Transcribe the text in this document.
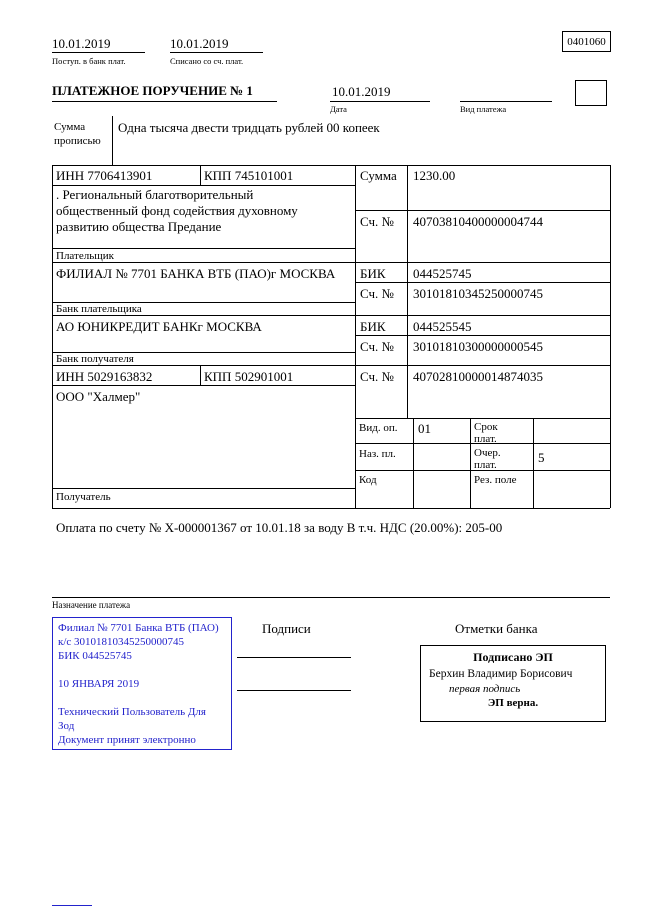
10.01.2019
Поступ. в банк плат.
10.01.2019
Списано со сч. плат.
0401060
ПЛАТЕЖНОЕ ПОРУЧЕНИЕ № 1	10.01.2019
Дата	Вид платежа
Сумма
прописью
Одна тысяча двести тридцать рублей 00 копеек
ИНН 7706413901	КПП 745101001	Сумма 1230.00
. Региональный благотворительный общественный фонд содействия духовному развитию общества Предание	Сч. № 40703810400000004744
Плательщик
ФИЛИАЛ № 7701 БАНКА ВТБ (ПАО)г МОСКВА БИК 044525745
Сч. № 30101810345250000745
Банк плательщика
АО ЮНИКРЕДИТ БАНКг МОСКВА	БИК 044525545
Сч. № 30101810300000000545
Банк получателя
ИНН 5029163832	КПП 502901001	Сч. № 40702810000014874035
ООО "Халмер"
Вид. оп. 01	Срок плат.
Наз. пл.	Очер. плат.	5
Код	Рез. поле
Получатель
Оплата по счету № Х-000001367 от 10.01.18 за воду В т.ч. НДС (20.00%): 205-00
Назначение платежа
Филиал № 7701 Банка ВТБ (ПАО)
к/с 30101810345250000745
БИК 044525745
10 ЯНВАРЯ 2019
Технический Пользователь Для
Зод
Документ принят электронно
Подписи	Отметки банка
Подписано ЭП
Берхин Владимир Борисович
первая подпись
ЭП верна.
